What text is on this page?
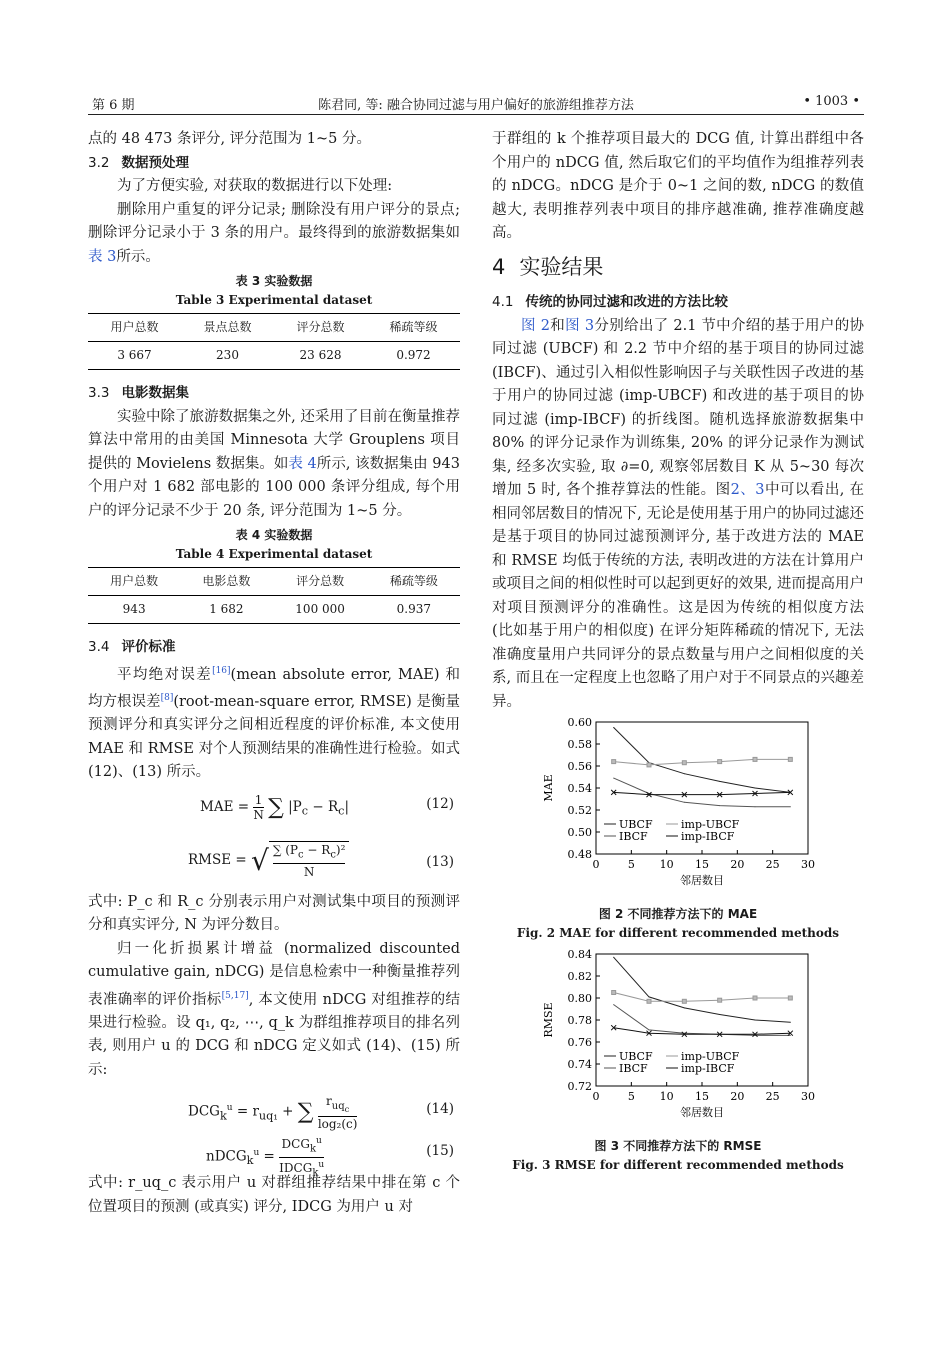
第 6 期	陈君同, 等: 融合协同过滤与用户偏好的旅游组推荐方法	• 1003 •

点的 48 473 条评分, 评分范围为 1~5 分。

3.2 数据预处理

为了方便实验, 对获取的数据进行以下处理:

删除用户重复的评分记录; 删除没有用户评分的景点; 删除评分记录小于 3 条的用户。最终得到的旅游数据集如表 3所示。

表 3 实验数据
Table 3 Experimental dataset
用户总数	景点总数	评分总数	稀疏等级
3 667	230	23 628	0.972
3.3 电影数据集

实验中除了旅游数据集之外, 还采用了目前在衡量推荐算法中常用的由美国 Minnesota 大学 Grouplens 项目提供的 Movielens 数据集。如表 4所示, 该数据集由 943 个用户对 1 682 部电影的 100 000 条评分组成, 每个用户的评分记录不少于 20 条, 评分范围为 1~5 分。

表 4 实验数据
Table 4 Experimental dataset
用户总数	电影总数	评分总数	稀疏等级
943	1 682	100 000	0.937
3.4 评价标准

平均绝对误差[16](mean absolute error, MAE) 和均方根误差[8](root-mean-square error, RMSE) 是衡量预测评分和真实评分之间相近程度的评价标准, 本文使用 MAE 和 RMSE 对个人预测结果的准确性进行检验。如式 (12)、(13) 所示。

MAE = 1
N ∑ $|P_c - R_c|$	(12)
RMSE = √ ∑ $(P_c - R_c)^2$
N
(13)

式中: P_c 和 R_c 分别表示用户对测试集中项目的预测评分和真实评分, N 为评分数目。

归一化折损累计增益 (normalized discounted cumulative gain, nDCG) 是信息检索中一种衡量推荐列表准确率的评价指标[5,17], 本文使用 nDCG 对组推荐的结果进行检验。设 q₁, q₂, ⋯, q_k 为群组推荐项目的排名列表, 则用户 u 的 DCG 和 nDCG 定义如式 (14)、(15) 所示:

$DCG_k^u = r_{uq_1}$ + ∑	$r_{uq_c}$
log₂(c)
(14)
nDCG$_k^u$ =
$DCG_k^u$
$IDCG_k^u$
(15)

式中: r_uq_c 表示用户 u 对群组推荐结果中排在第 c 个位置项目的预测 (或真实) 评分, IDCG 为用户 u 对

于群组的 k 个推荐项目最大的 DCG 值, 计算出群组中各个用户的 nDCG 值, 然后取它们的平均值作为组推荐列表的 nDCG。nDCG 是介于 0~1 之间的数, nDCG 的数值越大, 表明推荐列表中项目的排序越准确, 推荐准确度越高。

4 实验结果
4.1 传统的协同过滤和改进的方法比较

图 2和图 3分别给出了 2.1 节中介绍的基于用户的协同过滤 (UBCF) 和 2.2 节中介绍的基于项目的协同过滤 (IBCF)、通过引入相似性影响因子与关联性因子改进的基于用户的协同过滤 (imp-UBCF) 和改进的基于项目的协同过滤 (imp-IBCF) 的折线图。随机选择旅游数据集中 80% 的评分记录作为训练集, 20% 的评分记录作为测试集, 经多次实验, 取 ∂=0, 观察邻居数目 K 从 5~30 每次增加 5 时, 各个推荐算法的性能。图2、3中可以看出, 在相同邻居数目的情况下, 无论是使用基于用户的协同过滤还是基于项目的协同过滤预测评分, 基于改进方法的 MAE 和 RMSE 均低于传统的方法, 表明改进的方法在计算用户或项目之间的相似性时可以起到更好的效果, 进而提高用户对项目预测评分的准确性。这是因为传统的相似度方法 (比如基于用户的相似度) 在评分矩阵稀疏的情况下, 无法准确度量用户共同评分的景点数量与用户之间相似度的关系, 而且在一定程度上也忽略了用户对于不同景点的兴趣差异。

0.48
0.50
0.52
0.54
0.56
0.58
0.60
0	5 10 15 20 25 30
邻居数目
MAE
UBCF	imp-UBCF
IBCF	imp-IBCF
图 2 不同推荐方法下的 MAE
Fig. 2 MAE for different recommended methods
0.72
0.74
0.76
0.78
0.80
0.82
0.84
0	5 10 15 20 25 30
邻居数目
RMSE
UBCF	imp-UBCF
IBCF	imp-IBCF
图 3 不同推荐方法下的 RMSE
Fig. 3 RMSE for different recommended methods
